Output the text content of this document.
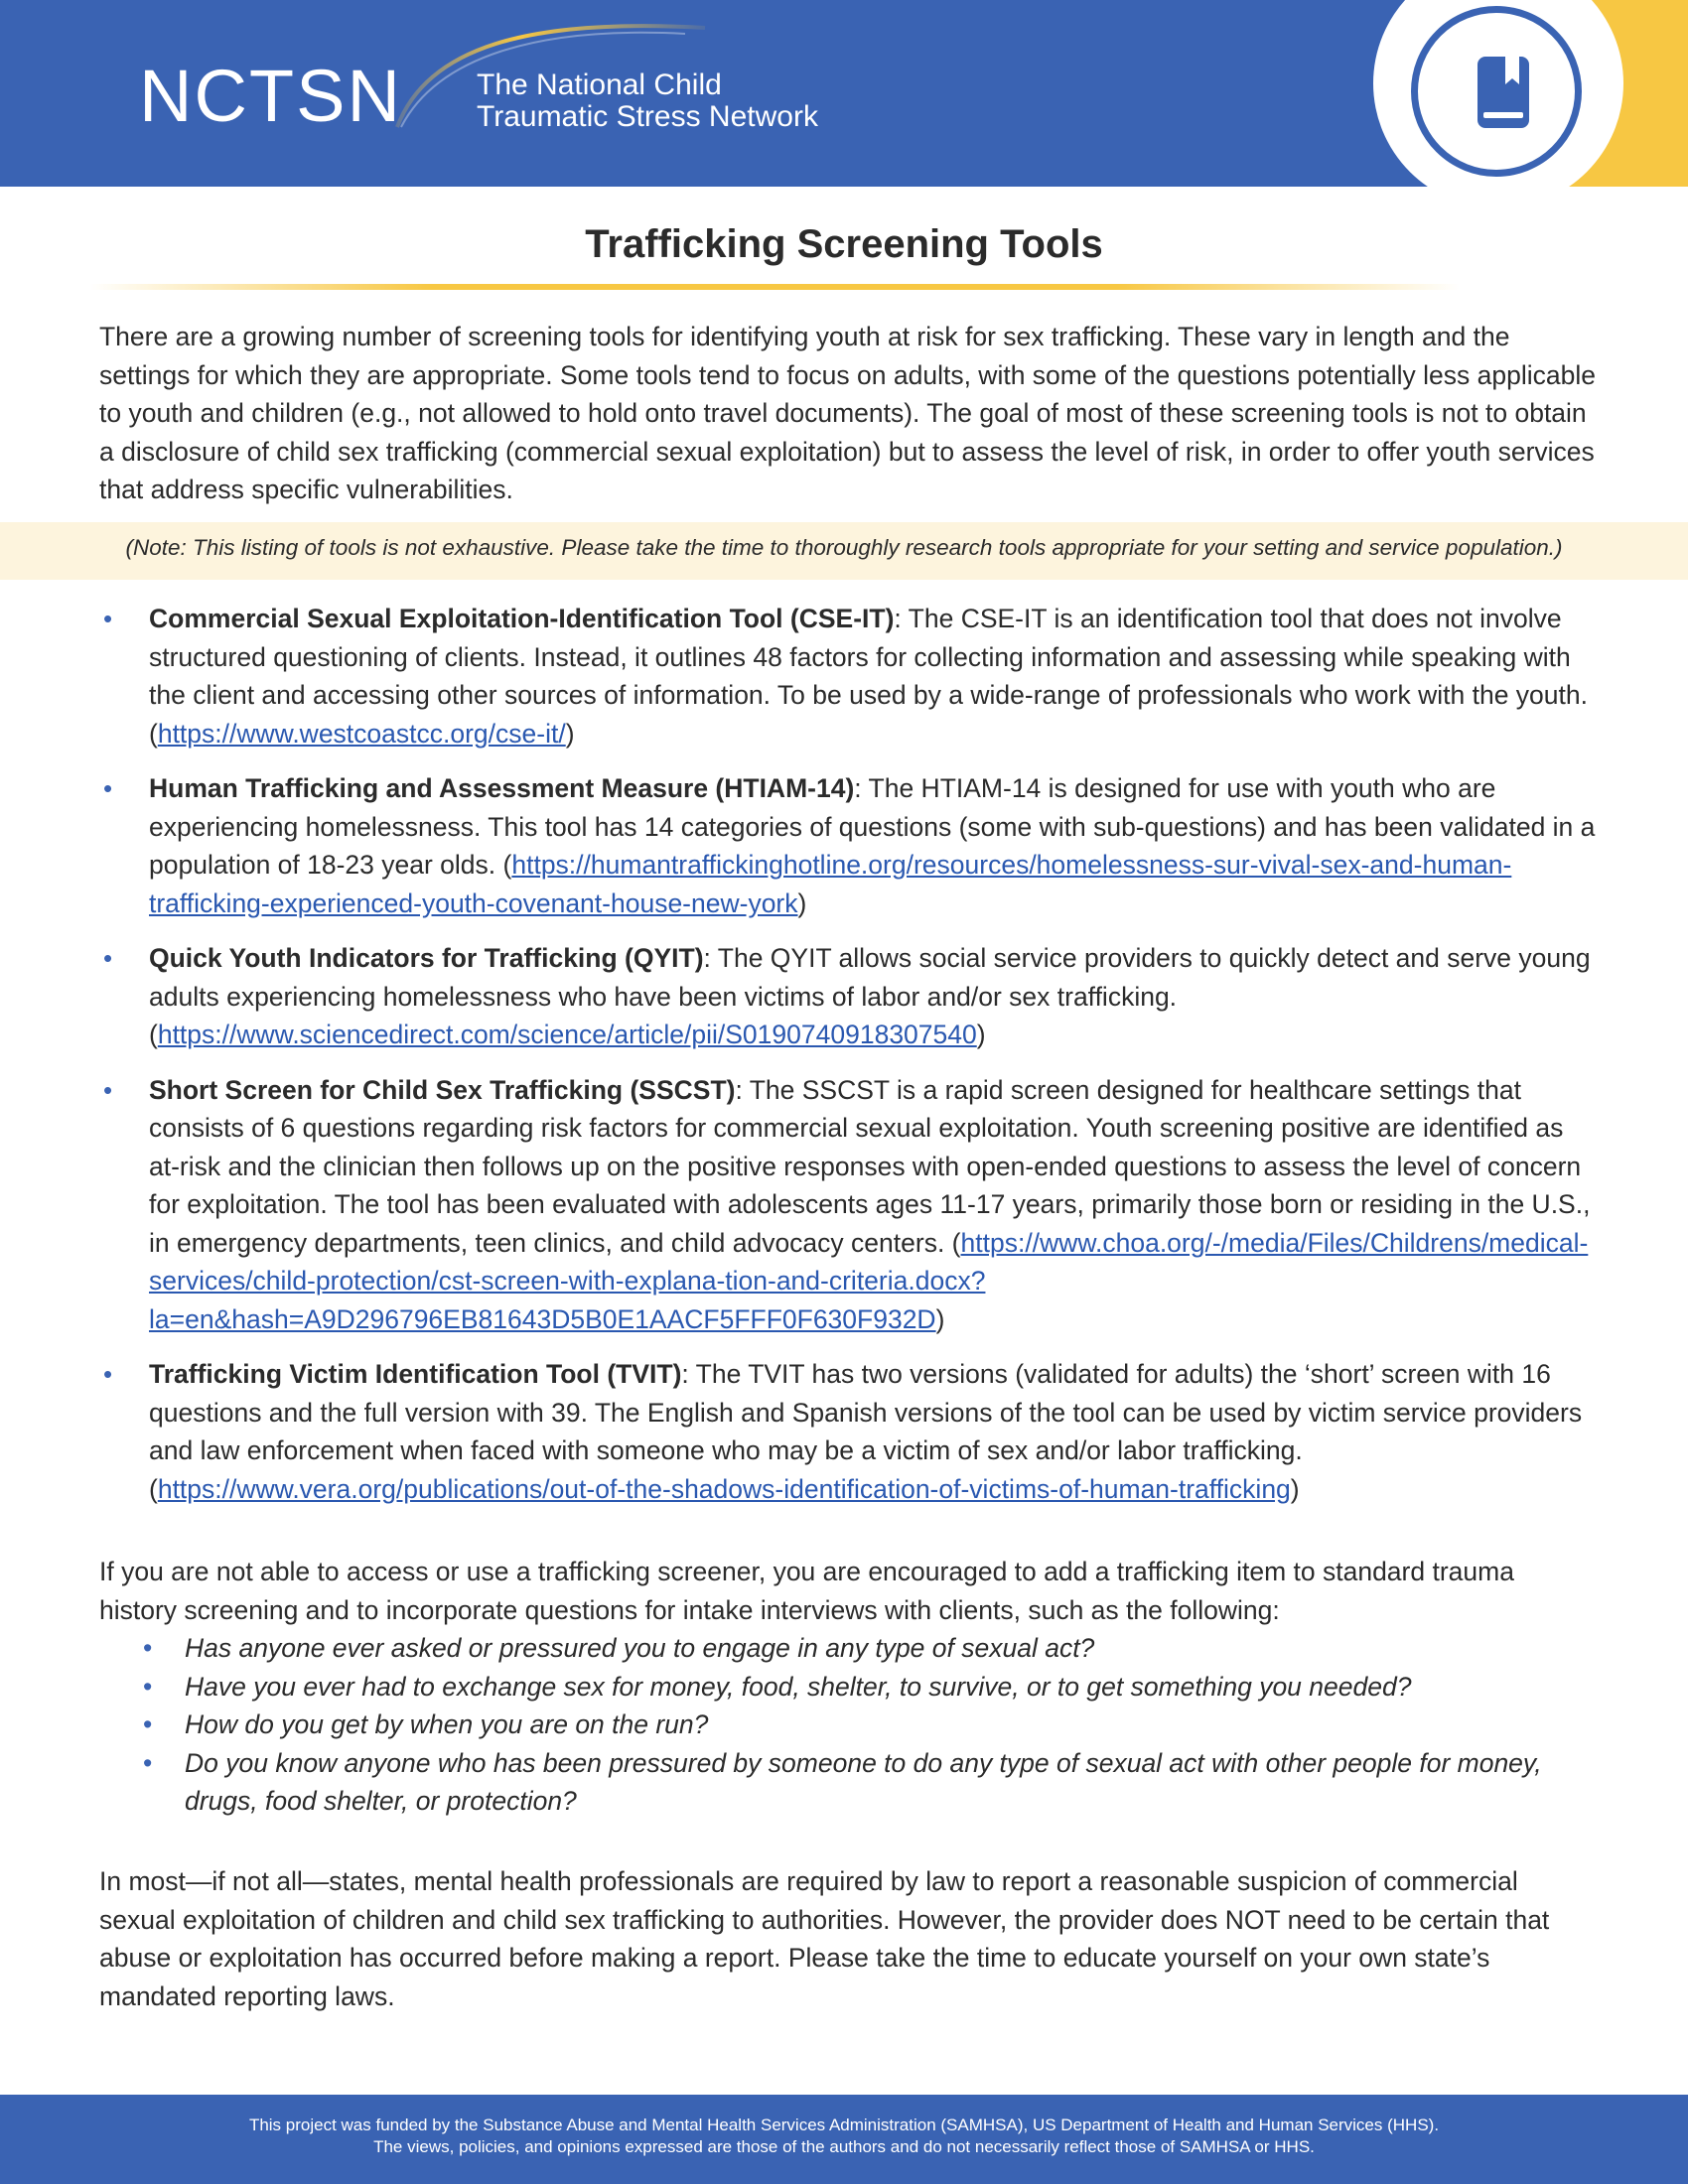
NCTSN	The National Child
Traumatic Stress Network
Trafficking Screening Tools

There are a growing number of screening tools for identifying youth at risk for sex trafficking. These vary in length and the settings for which they are appropriate. Some tools tend to focus on adults, with some of the questions potentially less applicable to youth and children (e.g., not allowed to hold onto travel documents). The goal of most of these screening tools is not to obtain a disclosure of child sex trafficking (commercial sexual exploitation) but to assess the level of risk, in order to offer youth services that address specific vulnerabilities.

(Note: This listing of tools is not exhaustive. Please take the time to thoroughly research tools appropriate for your setting and service population.)
• Commercial Sexual Exploitation-Identification Tool (CSE-IT): The CSE-IT is an identification tool that does not involve structured questioning of clients. Instead, it outlines 48 factors for collecting information and assessing while speaking with the client and accessing other sources of information. To be used by a wide-range of professionals who work with the youth. (https://www.westcoastcc.org/cse-it/)
• Human Trafficking and Assessment Measure (HTIAM-14): The HTIAM-14 is designed for use with youth who are experiencing homelessness. This tool has 14 categories of questions (some with sub-questions) and has been validated in a population of 18-23 year olds. (https://humantraffickinghotline.org/resources/homelessness-sur-vival-sex-and-human-trafficking-experienced-youth-covenant-house-new-york)
• Quick Youth Indicators for Trafficking (QYIT): The QYIT allows social service providers to quickly detect and serve young adults experiencing homelessness who have been victims of labor and/or sex trafficking. (https://www.sciencedirect.com/science/article/pii/S0190740918307540)
• Short Screen for Child Sex Trafficking (SSCST): The SSCST is a rapid screen designed for healthcare settings that consists of 6 questions regarding risk factors for commercial sexual exploitation. Youth screening positive are identified as at-risk and the clinician then follows up on the positive responses with open-ended questions to assess the level of concern for exploitation. The tool has been evaluated with adolescents ages 11-17 years, primarily those born or residing in the U.S., in emergency departments, teen clinics, and child advocacy centers. (https://www.choa.org/-/media/Files/Childrens/medical-services/child-protection/cst-screen-with-explana-tion-and-criteria.docx?la=en&hash=A9D296796EB81643D5B0E1AACF5FFF0F630F932D)
• Trafficking Victim Identification Tool (TVIT): The TVIT has two versions (validated for adults) the ‘short’ screen with 16 questions and the full version with 39. The English and Spanish versions of the tool can be used by victim service providers and law enforcement when faced with someone who may be a victim of sex and/or labor trafficking. (https://www.vera.org/publications/out-of-the-shadows-identification-of-victims-of-human-trafficking)
If you are not able to access or use a trafficking screener, you are encouraged to add a trafficking item to standard trauma history screening and to incorporate questions for intake interviews with clients, such as the following:
• Has anyone ever asked or pressured you to engage in any type of sexual act?
• Have you ever had to exchange sex for money, food, shelter, to survive, or to get something you needed?
• How do you get by when you are on the run?
• Do you know anyone who has been pressured by someone to do any type of sexual act with other people for money, drugs, food shelter, or protection?

In most—if not all—states, mental health professionals are required by law to report a reasonable suspicion of commercial sexual exploitation of children and child sex trafficking to authorities. However, the provider does NOT need to be certain that abuse or exploitation has occurred before making a report. Please take the time to educate yourself on your own state’s mandated reporting laws.

This project was funded by the Substance Abuse and Mental Health Services Administration (SAMHSA), US Department of Health and Human Services (HHS).
The views, policies, and opinions expressed are those of the authors and do not necessarily reflect those of SAMHSA or HHS.
